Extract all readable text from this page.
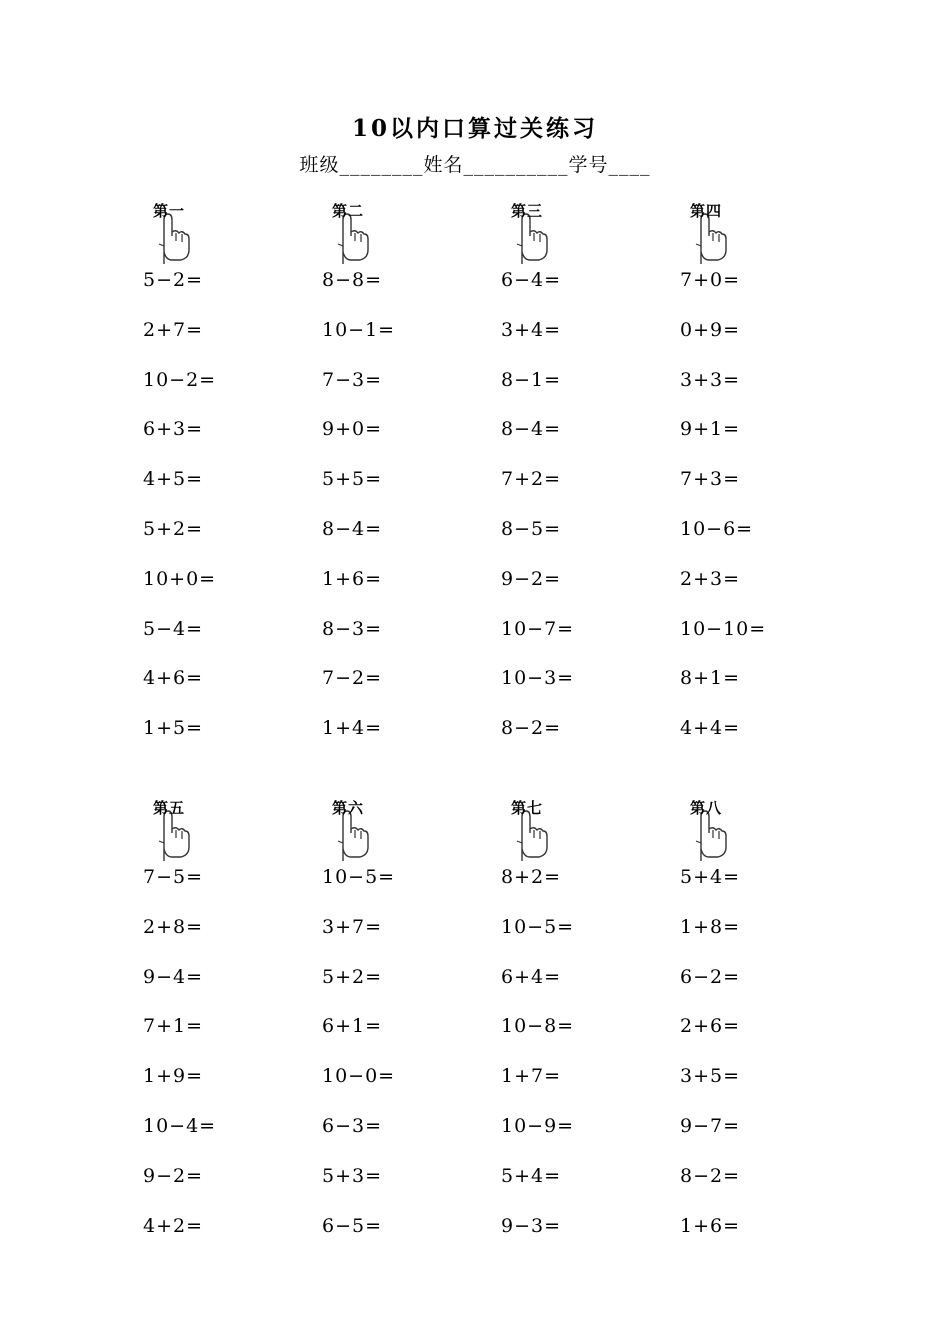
10以内口算过关练习
班级________姓名__________学号____
第一
5−2=
2+7=
10−2=
6+3=
4+5=
5+2=
10+0=
5−4=
4+6=
1+5=
第二
8−8=
10−1=
7−3=
9+0=
5+5=
8−4=
1+6=
8−3=
7−2=
1+4=
第三
6−4=
3+4=
8−1=
8−4=
7+2=
8−5=
9−2=
10−7=
10−3=
8−2=
第四
7+0=
0+9=
3+3=
9+1=
7+3=
10−6=
2+3=
10−10=
8+1=
4+4=
第五
7−5=
2+8=
9−4=
7+1=
1+9=
10−4=
9−2=
4+2=
第六
10−5=
3+7=
5+2=
6+1=
10−0=
6−3=
5+3=
6−5=
第七
8+2=
10−5=
6+4=
10−8=
1+7=
10−9=
5+4=
9−3=
第八
5+4=
1+8=
6−2=
2+6=
3+5=
9−7=
8−2=
1+6=
